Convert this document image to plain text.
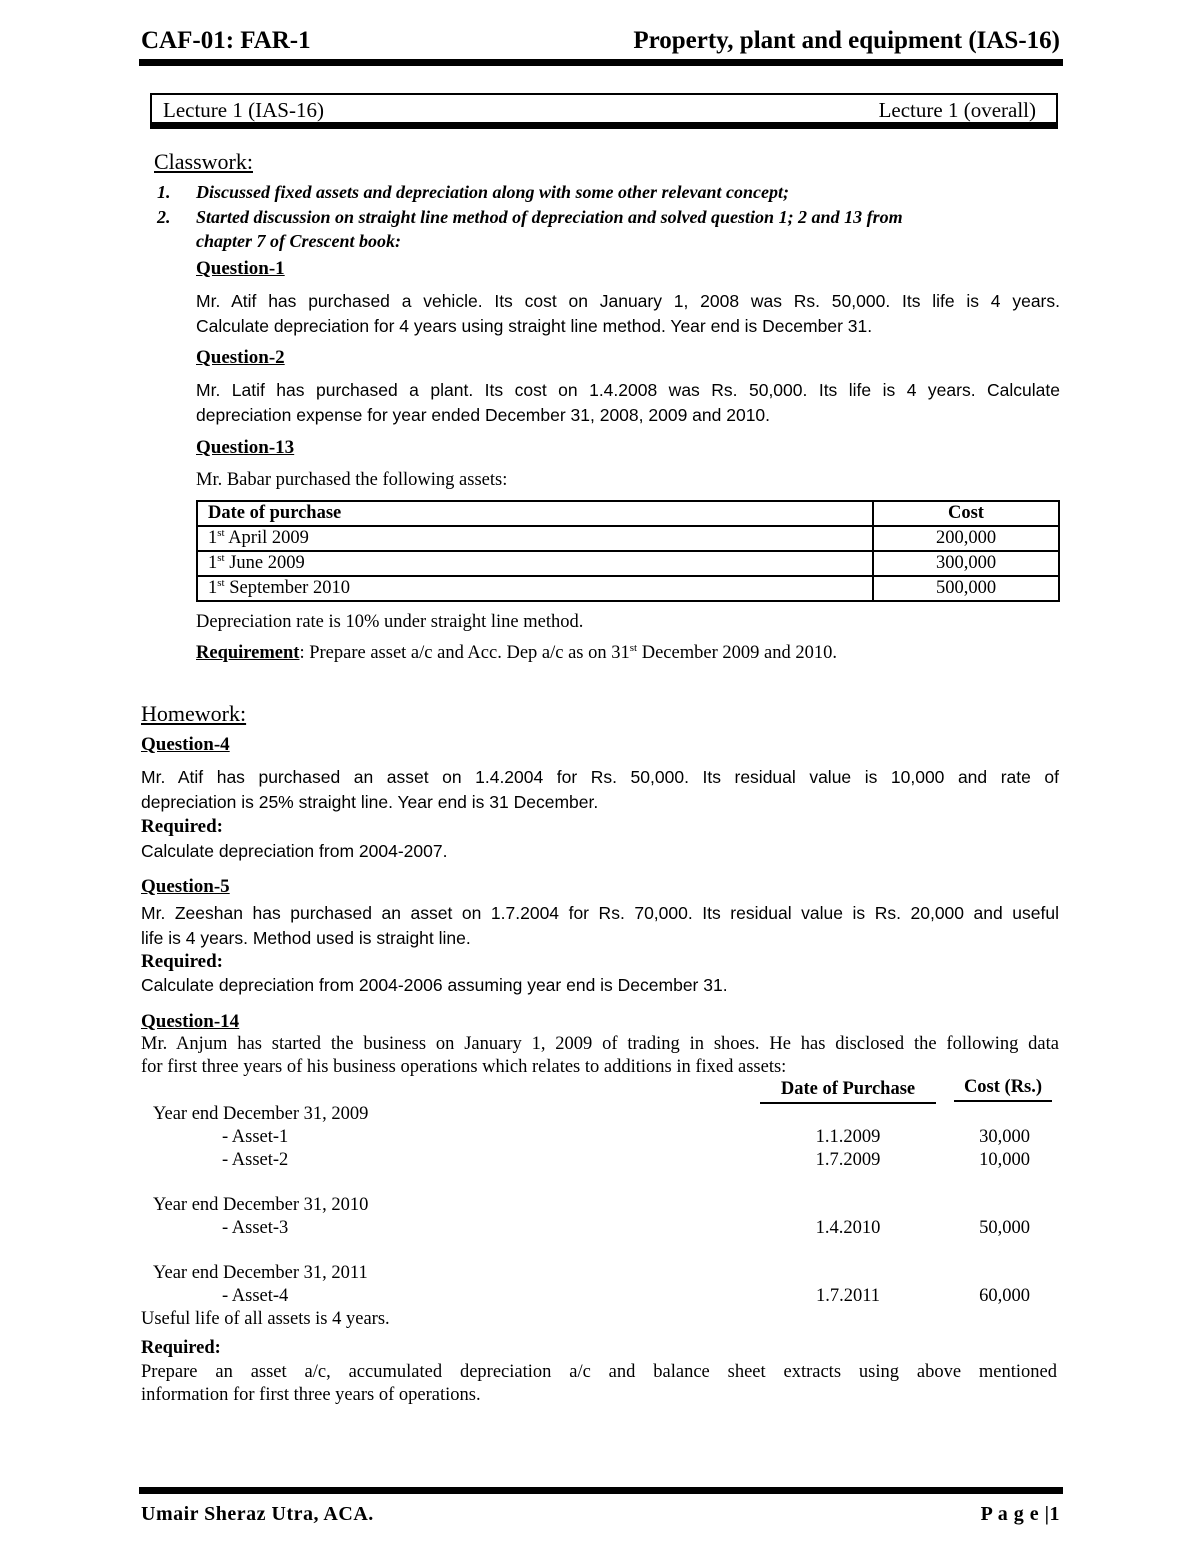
CAF-01: FAR-1	Property, plant and equipment (IAS-16)
Lecture 1 (IAS-16)	Lecture 1 (overall)
Classwork:
1. Discussed fixed assets and depreciation along with some other relevant concept;
2. Started discussion on straight line method of depreciation and solved question 1; 2 and 13 from
chapter 7 of Crescent book:
Question-1
Mr. Atif has purchased a vehicle. Its cost on January 1, 2008 was Rs. 50,000. Its life is 4 years.
Calculate depreciation for 4 years using straight line method. Year end is December 31.
Question-2
Mr. Latif has purchased a plant. Its cost on 1.4.2008 was Rs. 50,000. Its life is 4 years. Calculate
depreciation expense for year ended December 31, 2008, 2009 and 2010.
Question-13
Mr. Babar purchased the following assets:
Date of purchase	Cost
1st April 2009	200,000
1st June 2009	300,000
1st September 2010	500,000
Depreciation rate is 10% under straight line method.
Requirement: Prepare asset a/c and Acc. Dep a/c as on 31st December 2009 and 2010.
Homework:
Question-4
Mr. Atif has purchased an asset on 1.4.2004 for Rs. 50,000. Its residual value is 10,000 and rate of
depreciation is 25% straight line. Year end is 31 December.
Required:
Calculate depreciation from 2004-2007.
Question-5
Mr. Zeeshan has purchased an asset on 1.7.2004 for Rs. 70,000. Its residual value is Rs. 20,000 and useful
life is 4 years. Method used is straight line.
Required:
Calculate depreciation from 2004-2006 assuming year end is December 31.
Question-14
Mr. Anjum has started the business on January 1, 2009 of trading in shoes. He has disclosed the following data
for first three years of his business operations which relates to additions in fixed assets:
Date of Purchase	Cost (Rs.)
Year end December 31, 2009
- Asset-1	1.1.2009	30,000
- Asset-2	1.7.2009	10,000
Year end December 31, 2010
- Asset-3	1.4.2010	50,000
Year end December 31, 2011
- Asset-4	1.7.2011	60,000
Useful life of all assets is 4 years.
Required:
Prepare an asset a/c, accumulated depreciation a/c and balance sheet extracts using above mentioned
information for first three years of operations.
Umair Sheraz Utra, ACA.	P a g e |1
